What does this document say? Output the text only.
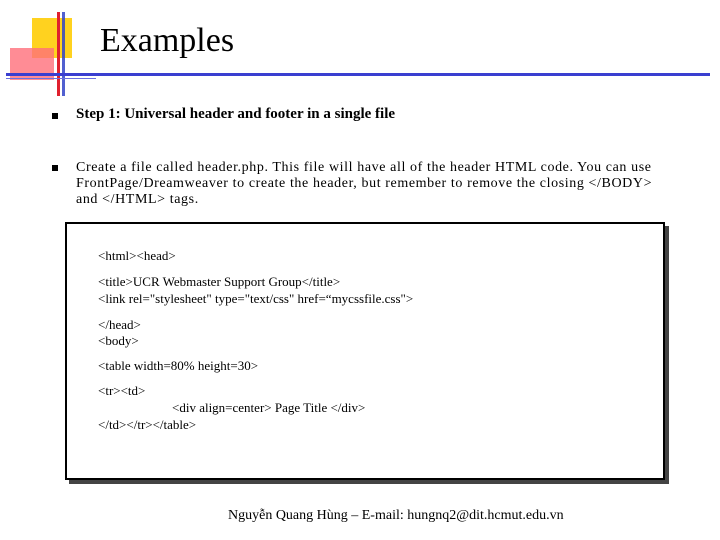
Examples
Step 1: Universal header and footer in a single file
Create a file called header.php. This file will have all of the header HTML code. You can use FrontPage/Dreamweaver to create the header, but remember to remove the closing </BODY> and </HTML> tags.
<html><head>
<title>UCR Webmaster Support Group</title>
<link rel="stylesheet" type="text/css" href=“mycssfile.css">
</head>
<body>
<table width=80% height=30>
<tr><td>
<div align=center> Page Title </div>
</td></tr></table>
Nguyễn Quang Hùng – E-mail: hungnq2@dit.hcmut.edu.vn
